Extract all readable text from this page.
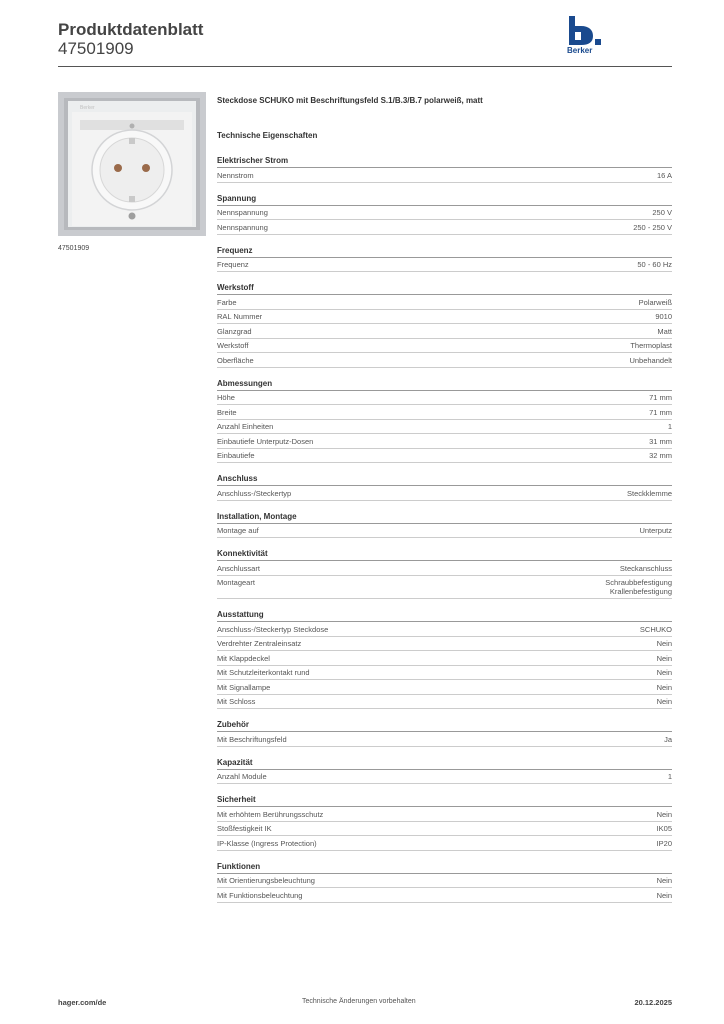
Produktdatenblatt
47501909	Berker
Berker
47501909
Steckdose SCHUKO mit Beschriftungsfeld S.1/B.3/B.7 polarweiß, matt
Technische Eigenschaften
Elektrischer Strom
Nennstrom	16 A
Spannung
Nennspannung	250 V
Nennspannung	250 - 250 V
Frequenz
Frequenz	50 - 60 Hz
Werkstoff
Farbe	Polarweiß
RAL Nummer	9010
Glanzgrad	Matt
Werkstoff	Thermoplast
Oberfläche	Unbehandelt
Abmessungen
Höhe	71 mm
Breite	71 mm
Anzahl Einheiten	1
Einbautiefe Unterputz-Dosen	31 mm
Einbautiefe	32 mm
Anschluss
Anschluss-/Steckertyp	Steckklemme
Installation, Montage
Montage auf	Unterputz
Konnektivität
Anschlussart	Steckanschluss
Montageart	Schraubbefestigung
Krallenbefestigung
Ausstattung
Anschluss-/Steckertyp Steckdose	SCHUKO
Verdrehter Zentraleinsatz	Nein
Mit Klappdeckel	Nein
Mit Schutzleiterkontakt rund	Nein
Mit Signallampe	Nein
Mit Schloss	Nein
Zubehör
Mit Beschriftungsfeld	Ja
Kapazität
Anzahl Module	1
Sicherheit
Mit erhöhtem Berührungsschutz	Nein
Stoßfestigkeit IK	IK05
IP-Klasse (Ingress Protection)	IP20
Funktionen
Mit Orientierungsbeleuchtung	Nein
Mit Funktionsbeleuchtung	Nein
hager.com/de	Technische Änderungen vorbehalten	20.12.2025
